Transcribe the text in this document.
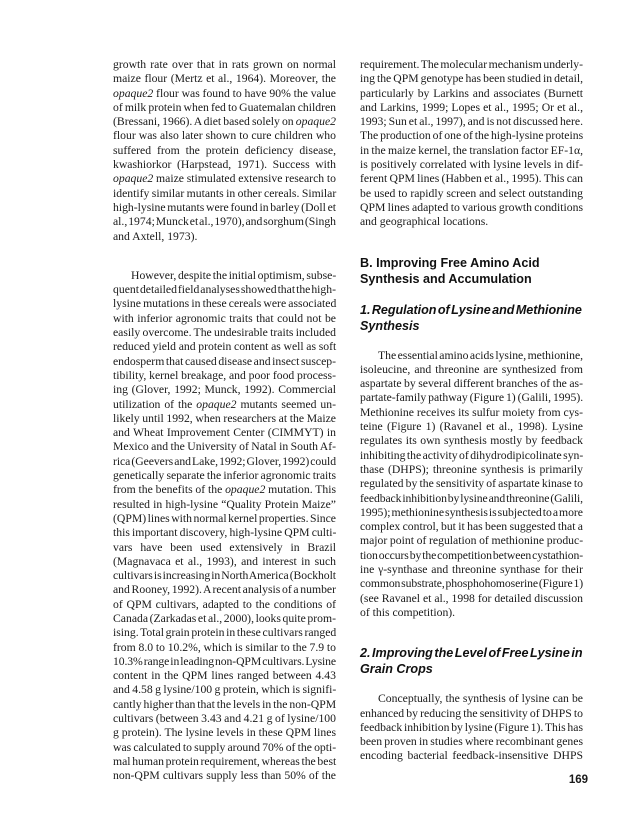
growth rate over that in rats grown on normal
maize flour (Mertz et al., 1964). Moreover, the
opaque2 flour was found to have 90% the value
of milk protein when fed to Guatemalan children
(Bressani, 1966). A diet based solely on opaque2
flour was also later shown to cure children who
suffered from the protein deficiency disease,
kwashiorkor (Harpstead, 1971). Success with
opaque2 maize stimulated extensive research to
identify similar mutants in other cereals. Similar
high-lysine mutants were found in barley (Doll et
al., 1974; Munck et al., 1970), and sorghum (Singh
and Axtell, 1973).
However, despite the initial optimism, subse-
quent detailed field analyses showed that the high-
lysine mutations in these cereals were associated
with inferior agronomic traits that could not be
easily overcome. The undesirable traits included
reduced yield and protein content as well as soft
endosperm that caused disease and insect suscep-
tibility, kernel breakage, and poor food process-
ing (Glover, 1992; Munck, 1992). Commercial
utilization of the opaque2 mutants seemed un-
likely until 1992, when researchers at the Maize
and Wheat Improvement Center (CIMMYT) in
Mexico and the University of Natal in South Af-
rica (Geevers and Lake, 1992; Glover, 1992) could
genetically separate the inferior agronomic traits
from the benefits of the opaque2 mutation. This
resulted in high-lysine “Quality Protein Maize”
(QPM) lines with normal kernel properties. Since
this important discovery, high-lysine QPM culti-
vars have been used extensively in Brazil
(Magnavaca et al., 1993), and interest in such
cultivars is increasing in North America (Bockholt
and Rooney, 1992). A recent analysis of a number
of QPM cultivars, adapted to the conditions of
Canada (Zarkadas et al., 2000), looks quite prom-
ising. Total grain protein in these cultivars ranged
from 8.0 to 10.2%, which is similar to the 7.9 to
10.3% range in leading non-QPM cultivars. Lysine
content in the QPM lines ranged between 4.43
and 4.58 g lysine/100 g protein, which is signifi-
cantly higher than that the levels in the non-QPM
cultivars (between 3.43 and 4.21 g of lysine/100
g protein). The lysine levels in these QPM lines
was calculated to supply around 70% of the opti-
mal human protein requirement, whereas the best
non-QPM cultivars supply less than 50% of the
requirement. The molecular mechanism underly-
ing the QPM genotype has been studied in detail,
particularly by Larkins and associates (Burnett
and Larkins, 1999; Lopes et al., 1995; Or et al.,
1993; Sun et al., 1997), and is not discussed here.
The production of one of the high-lysine proteins
in the maize kernel, the translation factor EF-1α,
is positively correlated with lysine levels in dif-
ferent QPM lines (Habben et al., 1995). This can
be used to rapidly screen and select outstanding
QPM lines adapted to various growth conditions
and geographical locations.
B. Improving Free Amino Acid
Synthesis and Accumulation
1. Regulation of Lysine and Methionine
Synthesis
The essential amino acids lysine, methionine,
isoleucine, and threonine are synthesized from
aspartate by several different branches of the as-
partate-family pathway (Figure 1) (Galili, 1995).
Methionine receives its sulfur moiety from cys-
teine (Figure 1) (Ravanel et al., 1998). Lysine
regulates its own synthesis mostly by feedback
inhibiting the activity of dihydrodipicolinate syn-
thase (DHPS); threonine synthesis is primarily
regulated by the sensitivity of aspartate kinase to
feedback inhibition by lysine and threonine (Galili,
1995); methionine synthesis is subjected to a more
complex control, but it has been suggested that a
major point of regulation of methionine produc-
tion occurs by the competition between cystathion-
ine γ-synthase and threonine synthase for their
common substrate, phosphohomoserine (Figure 1)
(see Ravanel et al., 1998 for detailed discussion
of this competition).
2. Improving the Level of Free Lysine in
Grain Crops
Conceptually, the synthesis of lysine can be
enhanced by reducing the sensitivity of DHPS to
feedback inhibition by lysine (Figure 1). This has
been proven in studies where recombinant genes
encoding bacterial feedback-insensitive DHPS
169
